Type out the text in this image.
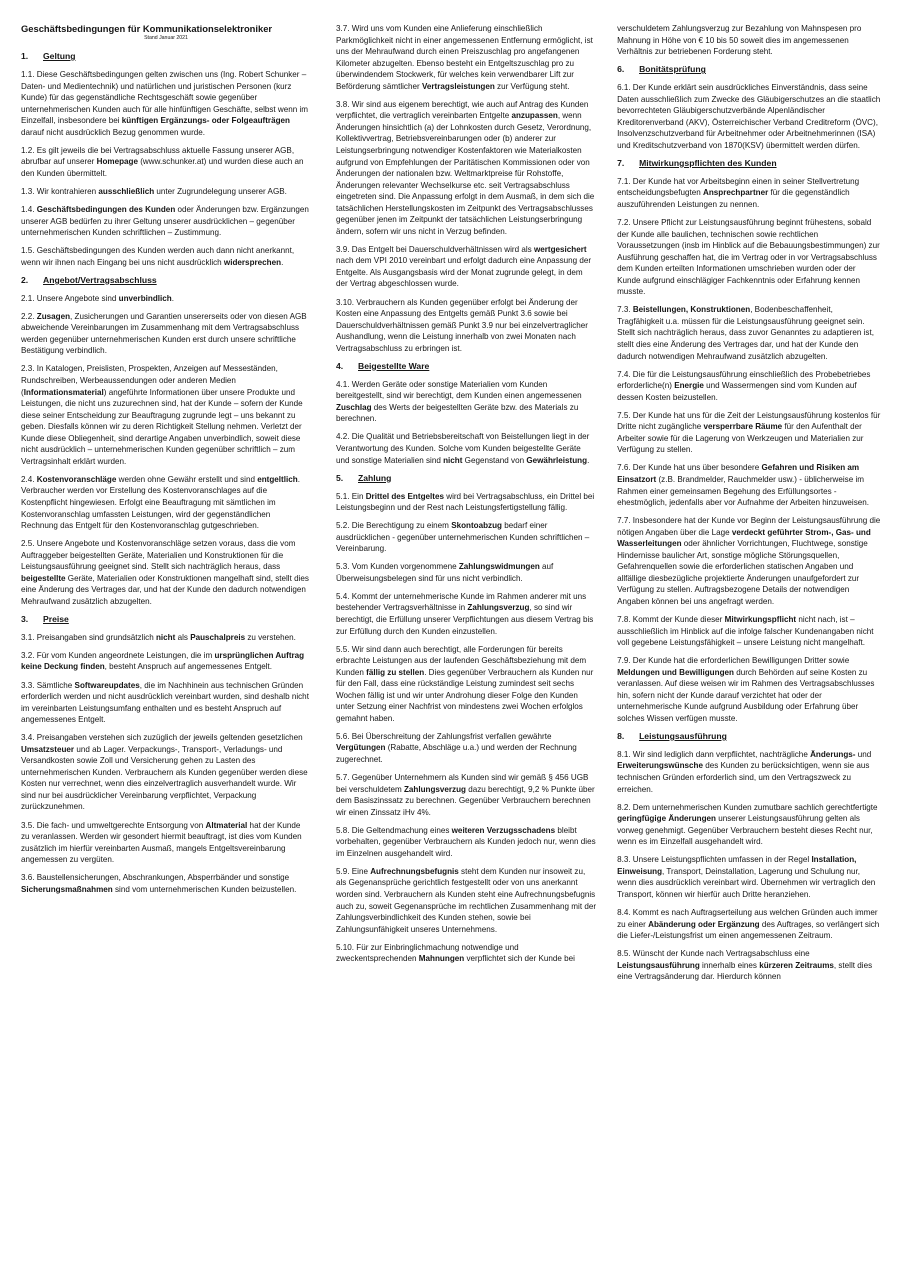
Geschäftsbedingungen für Kommunikationselektroniker
Stand Januar 2021
1. Geltung

1.1. Diese Geschäftsbedingungen gelten zwischen uns (Ing. Robert Schunker – Daten- und Medientechnik) und natürlichen und juristischen Personen (kurz Kunde) für das gegenständliche Rechtsgeschäft sowie gegenüber unternehmerischen Kunden auch für alle hinfünftigen Geschäfte, selbst wenn im Einzelfall, insbesondere bei künftigen Ergänzungs- oder Folgeaufträgen darauf nicht ausdrücklich Bezug genommen wurde.

1.2. Es gilt jeweils die bei Vertragsabschluss aktuelle Fassung unserer AGB, abrufbar auf unserer Homepage (www.schunker.at) und wurden diese auch an den Kunden übermittelt.

1.3. Wir kontrahieren ausschließlich unter Zugrundelegung unserer AGB.

1.4. Geschäftsbedingungen des Kunden oder Änderungen bzw. Ergänzungen unserer AGB bedürfen zu ihrer Geltung unserer ausdrücklichen – gegenüber unternehmerischen Kunden schriftlichen – Zustimmung.

1.5. Geschäftsbedingungen des Kunden werden auch dann nicht anerkannt, wenn wir ihnen nach Eingang bei uns nicht ausdrücklich widersprechen.

2. Angebot/Vertragsabschluss

2.1. Unsere Angebote sind unverbindlich.

2.2. Zusagen, Zusicherungen und Garantien unsererseits oder von diesen AGB abweichende Vereinbarungen im Zusammenhang mit dem Vertragsabschluss werden gegenüber unternehmerischen Kunden erst durch unsere schriftliche Bestätigung verbindlich.

2.3. In Katalogen, Preislisten, Prospekten, Anzeigen auf Messeständen, Rundschreiben, Werbeaussendungen oder anderen Medien (Informationsmaterial) angeführte Informationen über unsere Produkte und Leistungen, die nicht uns zuzurechnen sind, hat der Kunde – sofern der Kunde diese seiner Entscheidung zur Beauftragung zugrunde legt – uns bekannt zu geben. Diesfalls können wir zu deren Richtigkeit Stellung nehmen. Verletzt der Kunde diese Obliegenheit, sind derartige Angaben unverbindlich, soweit diese nicht ausdrücklich – unternehmerischen Kunden gegenüber schriftlich – zum Vertragsinhalt erklärt wurden.

2.4. Kostenvoranschläge werden ohne Gewähr erstellt und sind entgeltlich. Verbraucher werden vor Erstellung des Kostenvoranschlages auf die Kostenpflicht hingewiesen. Erfolgt eine Beauftragung mit sämtlichen im Kostenvoranschlag umfassten Leistungen, wird der gegenständlichen Rechnung das Entgelt für den Kostenvoranschlag gutgeschrieben.

2.5. Unsere Angebote und Kostenvoranschläge setzen voraus, dass die vom Auftraggeber beigestellten Geräte, Materialien und Konstruktionen für die Leistungsausführung geeignet sind. Stellt sich nachträglich heraus, dass beigestellte Geräte, Materialien oder Konstruktionen mangelhaft sind, stellt dies eine Änderung des Vertrages dar, und hat der Kunde den dadurch notwendigen Mehraufwand zusätzlich abzugelten.

3. Preise

3.1. Preisangaben sind grundsätzlich nicht als Pauschalpreis zu verstehen.

3.2. Für vom Kunden angeordnete Leistungen, die im ursprünglichen Auftrag keine Deckung finden, besteht Anspruch auf angemessenes Entgelt.

3.3. Sämtliche Softwareupdates, die im Nachhinein aus technischen Gründen erforderlich werden und nicht ausdrücklich vereinbart wurden, sind deshalb nicht im vereinbarten Leistungsumfang enthalten und es besteht Anspruch auf angemessenes Entgelt.

3.4. Preisangaben verstehen sich zuzüglich der jeweils geltenden gesetzlichen Umsatzsteuer und ab Lager. Verpackungs-, Transport-, Verladungs- und Versandkosten sowie Zoll und Versicherung gehen zu Lasten des unternehmerischen Kunden. Verbrauchern als Kunden gegenüber werden diese Kosten nur verrechnet, wenn dies einzelvertraglich ausverhandelt wurde. Wir sind nur bei ausdrücklicher Vereinbarung verpflichtet, Verpackung zurückzunehmen.

3.5. Die fach- und umweltgerechte Entsorgung von Altmaterial hat der Kunde zu veranlassen. Werden wir gesondert hiermit beauftragt, ist dies vom Kunden zusätzlich im hierfür vereinbarten Ausmaß, mangels Entgeltsvereinbarung angemessen zu vergüten.

3.6. Baustellensicherungen, Abschrankungen, Absperrbänder und sonstige Sicherungsmaßnahmen sind vom unternehmerischen Kunden beizustellen.

3.7. Wird uns vom Kunden eine Anlieferung einschließlich Parkmöglichkeit nicht in einer angemessenen Entfernung ermöglicht, ist uns der Mehraufwand durch einen Preiszuschlag pro angefangenen Kilometer abzugelten. Ebenso besteht ein Entgeltszuschlag pro zu überwindendem Stockwerk, für welches kein verwendbarer Lift zur Beförderung sämtlicher Vertragsleistungen zur Verfügung steht.

3.8. Wir sind aus eigenem berechtigt, wie auch auf Antrag des Kunden verpflichtet, die vertraglich vereinbarten Entgelte anzupassen, wenn Änderungen hinsichtlich (a) der Lohnkosten durch Gesetz, Verordnung, Kollektivvertrag, Betriebsvereinbarungen oder (b) anderer zur Leistungserbringung notwendiger Kostenfaktoren wie Materialkosten aufgrund von Empfehlungen der Paritätischen Kommissionen oder von Änderungen der nationalen bzw. Weltmarktpreise für Rohstoffe, Änderungen relevanter Wechselkurse etc. seit Vertragsabschluss eingetreten sind. Die Anpassung erfolgt in dem Ausmaß, in dem sich die tatsächlichen Herstellungskosten im Zeitpunkt des Vertragsabschlusses gegenüber jenen im Zeitpunkt der tatsächlichen Leistungserbringung ändern, sofern wir uns nicht in Verzug befinden.

3.9. Das Entgelt bei Dauerschuldverhältnissen wird als wertgesichert nach dem VPI 2010 vereinbart und erfolgt dadurch eine Anpassung der Entgelte. Als Ausgangsbasis wird der Monat zugrunde gelegt, in dem der Vertrag abgeschlossen wurde.

3.10. Verbrauchern als Kunden gegenüber erfolgt bei Änderung der Kosten eine Anpassung des Entgelts gemäß Punkt 3.6 sowie bei Dauerschuldverhältnissen gemäß Punkt 3.9 nur bei einzelvertraglicher Aushandlung, wenn die Leistung innerhalb von zwei Monaten nach Vertragsabschluss zu erbringen ist.

4. Beigestellte Ware

4.1. Werden Geräte oder sonstige Materialien vom Kunden bereitgestellt, sind wir berechtigt, dem Kunden einen angemessenen Zuschlag des Werts der beigestellten Geräte bzw. des Materials zu berechnen.

4.2. Die Qualität und Betriebsbereitschaft von Beistellungen liegt in der Verantwortung des Kunden. Solche vom Kunden beigestellte Geräte und sonstige Materialien sind nicht Gegenstand von Gewährleistung.

5. Zahlung

5.1. Ein Drittel des Entgeltes wird bei Vertragsabschluss, ein Drittel bei Leistungsbeginn und der Rest nach Leistungsfertigstellung fällig.

5.2. Die Berechtigung zu einem Skontoabzug bedarf einer ausdrücklichen - gegenüber unternehmerischen Kunden schriftlichen – Vereinbarung.

5.3. Vom Kunden vorgenommene Zahlungswidmungen auf Überweisungsbelegen sind für uns nicht verbindlich.

5.4. Kommt der unternehmerische Kunde im Rahmen anderer mit uns bestehender Vertragsverhältnisse in Zahlungsverzug, so sind wir berechtigt, die Erfüllung unserer Verpflichtungen aus diesem Vertrag bis zur Erfüllung durch den Kunden einzustellen.

5.5. Wir sind dann auch berechtigt, alle Forderungen für bereits erbrachte Leistungen aus der laufenden Geschäftsbeziehung mit dem Kunden fällig zu stellen. Dies gegenüber Verbrauchern als Kunden nur für den Fall, dass eine rückständige Leistung zumindest seit sechs Wochen fällig ist und wir unter Androhung dieser Folge den Kunden unter Setzung einer Nachfrist von mindestens zwei Wochen erfolglos gemahnt haben.

5.6. Bei Überschreitung der Zahlungsfrist verfallen gewährte Vergütungen (Rabatte, Abschläge u.a.) und werden der Rechnung zugerechnet.

5.7. Gegenüber Unternehmern als Kunden sind wir gemäß § 456 UGB bei verschuldetem Zahlungsverzug dazu berechtigt, 9,2 % Punkte über dem Basiszinssatz zu berechnen. Gegenüber Verbrauchern berechnen wir einen Zinssatz iHv 4%.

5.8. Die Geltendmachung eines weiteren Verzugsschadens bleibt vorbehalten, gegenüber Verbrauchern als Kunden jedoch nur, wenn dies im Einzelnen ausgehandelt wird.

5.9. Eine Aufrechnungsbefugnis steht dem Kunden nur insoweit zu, als Gegenansprüche gerichtlich festgestellt oder von uns anerkannt worden sind. Verbrauchern als Kunden steht eine Aufrechnungsbefugnis auch zu, soweit Gegenansprüche im rechtlichen Zusammenhang mit der Zahlungsverbindlichkeit des Kunden stehen, sowie bei Zahlungsunfähigkeit unseres Unternehmens.

5.10. Für zur Einbringlichmachung notwendige und zweckentsprechenden Mahnungen verpflichtet sich der Kunde bei

verschuldetem Zahlungsverzug zur Bezahlung von Mahnspesen pro Mahnung in Höhe von € 10 bis 50 soweit dies im angemessenen Verhältnis zur betriebenen Forderung steht.

6. Bonitätsprüfung

6.1. Der Kunde erklärt sein ausdrückliches Einverständnis, dass seine Daten ausschließlich zum Zwecke des Gläubigerschutzes an die staatlich bevorrechteten Gläubigerschutzverbände Alpenländischer Kreditorenverband (AKV), Österreichischer Verband Creditreform (ÖVC), Insolvenzschutzverband für Arbeitnehmer oder Arbeitnehmerinnen (ISA) und Kreditschutzverband von 1870(KSV) übermittelt werden dürfen.

7. Mitwirkungspflichten des Kunden

7.1. Der Kunde hat vor Arbeitsbeginn einen in seiner Stellvertretung entscheidungsbefugten Ansprechpartner für die gegenständlich auszuführenden Leistungen zu nennen.

7.2. Unsere Pflicht zur Leistungsausführung beginnt frühestens, sobald der Kunde alle baulichen, technischen sowie rechtlichen Voraussetzungen (insb im Hinblick auf die Bebauungsbestimmungen) zur Ausführung geschaffen hat, die im Vertrag oder in vor Vertragsabschluss dem Kunden erteilten Informationen umschrieben wurden oder der Kunde aufgrund einschlägiger Fachkenntnis oder Erfahrung kennen musste.

7.3. Beistellungen, Konstruktionen, Bodenbeschaffenheit, Tragfähigkeit u.a. müssen für die Leistungsausführung geeignet sein. Stellt sich nachträglich heraus, dass zuvor Genanntes zu adaptieren ist, stellt dies eine Änderung des Vertrages dar, und hat der Kunde den dadurch notwendigen Mehraufwand zusätzlich abzugelten.

7.4. Die für die Leistungsausführung einschließlich des Probebetriebes erforderliche(n) Energie und Wassermengen sind vom Kunden auf dessen Kosten beizustellen.

7.5. Der Kunde hat uns für die Zeit der Leistungsausführung kostenlos für Dritte nicht zugängliche versperrbare Räume für den Aufenthalt der Arbeiter sowie für die Lagerung von Werkzeugen und Materialien zur Verfügung zu stellen.

7.6. Der Kunde hat uns über besondere Gefahren und Risiken am Einsatzort (z.B. Brandmelder, Rauchmelder usw.) - üblicherweise im Rahmen einer gemeinsamen Begehung des Erfüllungsortes - ehestmöglich, jedenfalls aber vor Aufnahme der Arbeiten hinzuweisen.

7.7. Insbesondere hat der Kunde vor Beginn der Leistungsausführung die nötigen Angaben über die Lage verdeckt geführter Strom-, Gas- und Wasserleitungen oder ähnlicher Vorrichtungen, Fluchtwege, sonstige Hindernisse baulicher Art, sonstige mögliche Störungsquellen, Gefahrenquellen sowie die erforderlichen statischen Angaben und allfällige diesbezügliche projektierte Änderungen unaufgefordert zur Verfügung zu stellen. Auftragsbezogene Details der notwendigen Angaben können bei uns angefragt werden.

7.8. Kommt der Kunde dieser Mitwirkungspflicht nicht nach, ist – ausschließlich im Hinblick auf die infolge falscher Kundenangaben nicht voll gegebene Leistungsfähigkeit – unsere Leistung nicht mangelhaft.

7.9. Der Kunde hat die erforderlichen Bewilligungen Dritter sowie Meldungen und Bewilligungen durch Behörden auf seine Kosten zu veranlassen. Auf diese weisen wir im Rahmen des Vertragsabschlusses hin, sofern nicht der Kunde darauf verzichtet hat oder der unternehmerische Kunde aufgrund Ausbildung oder Erfahrung über solches Wissen verfügen musste.

8. Leistungsausführung

8.1. Wir sind lediglich dann verpflichtet, nachträgliche Änderungs- und Erweiterungswünsche des Kunden zu berücksichtigen, wenn sie aus technischen Gründen erforderlich sind, um den Vertragszweck zu erreichen.

8.2. Dem unternehmerischen Kunden zumutbare sachlich gerechtfertigte geringfügige Änderungen unserer Leistungsausführung gelten als vorweg genehmigt. Gegenüber Verbrauchern besteht dieses Recht nur, wenn es im Einzelfall ausgehandelt wird.

8.3. Unsere Leistungspflichten umfassen in der Regel Installation, Einweisung, Transport, Deinstallation, Lagerung und Schulung nur, wenn dies ausdrücklich vereinbart wird. Übernehmen wir vertraglich den Transport, können wir hierfür auch Dritte heranziehen.

8.4. Kommt es nach Auftragserteilung aus welchen Gründen auch immer zu einer Abänderung oder Ergänzung des Auftrages, so verlängert sich die Liefer-/Leistungsfrist um einen angemessenen Zeitraum.

8.5. Wünscht der Kunde nach Vertragsabschluss eine Leistungsausführung innerhalb eines kürzeren Zeitraums, stellt dies eine Vertragsänderung dar. Hierdurch können
